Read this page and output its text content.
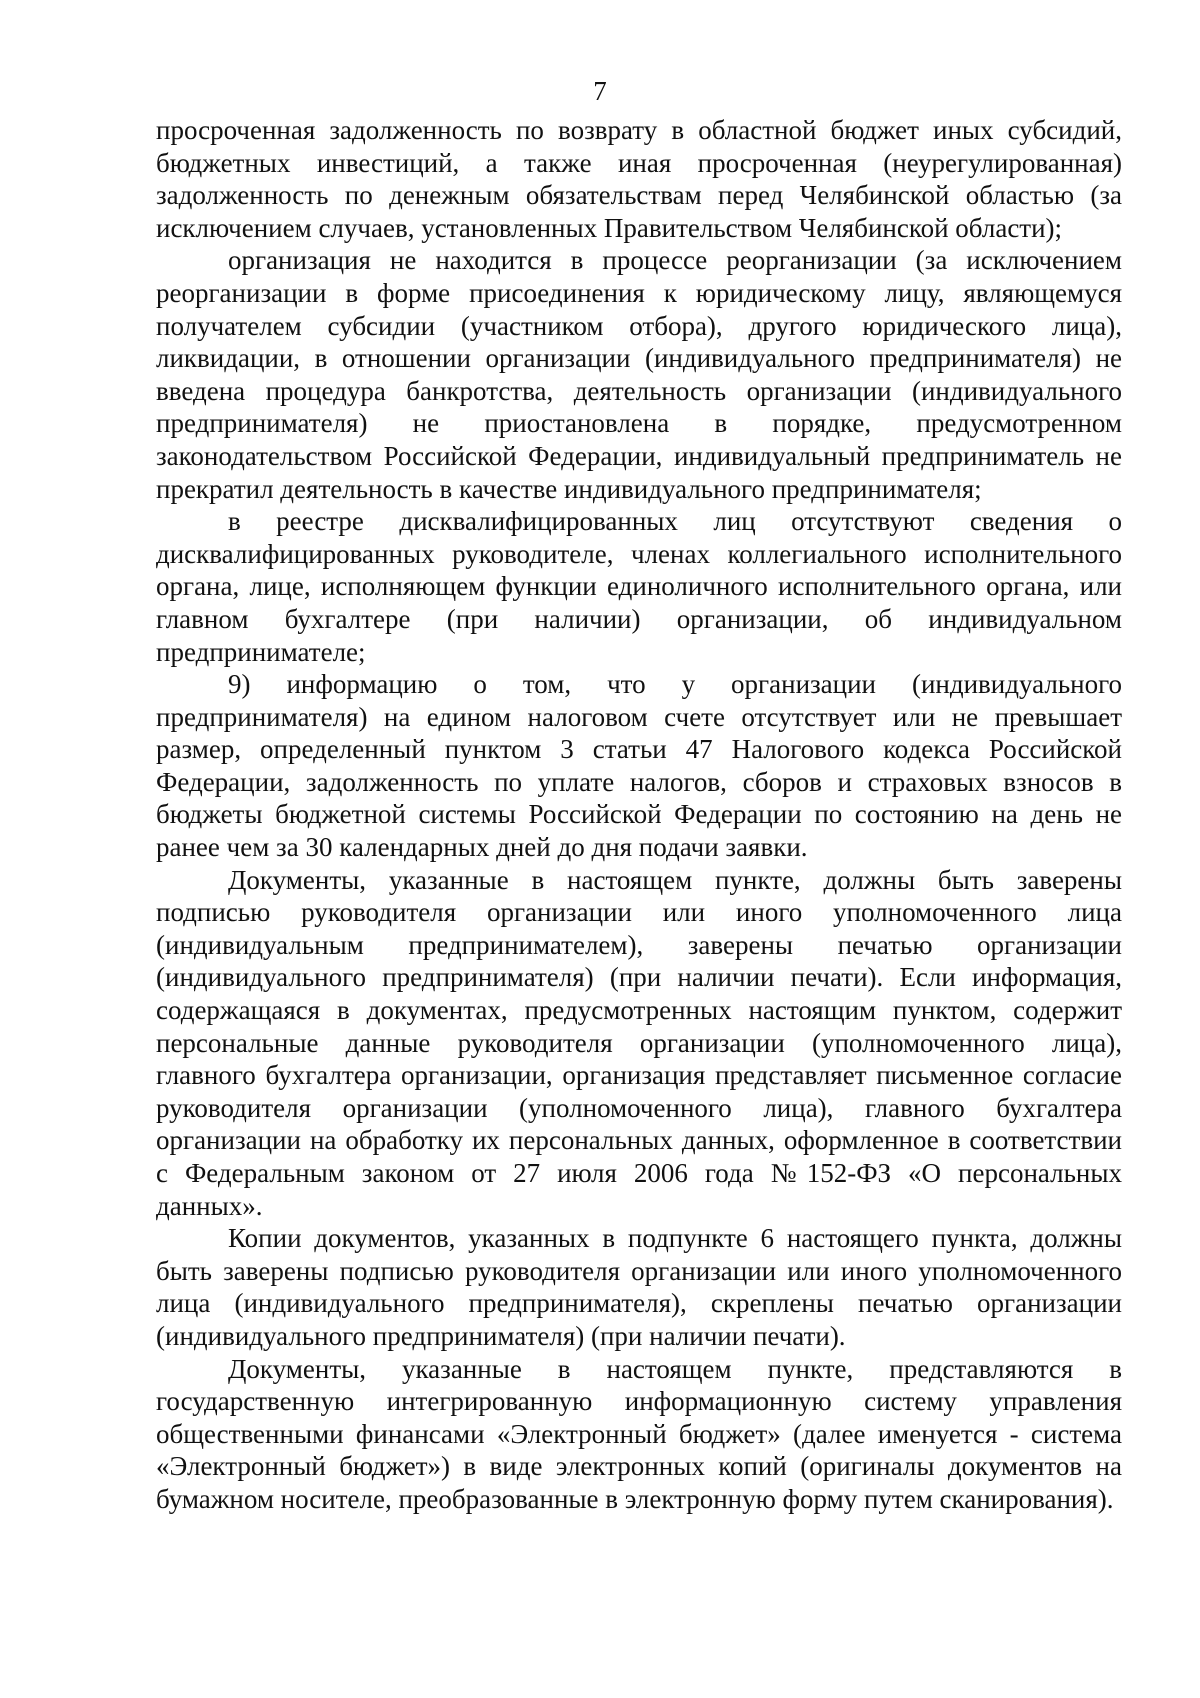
7

просроченная задолженность по возврату в областной бюджет иных субсидий, бюджетных инвестиций, а также иная просроченная (неурегулированная) задолженность по денежным обязательствам перед Челябинской областью (за исключением случаев, установленных Правительством Челябинской области);

организация не находится в процессе реорганизации (за исключением реорганизации в форме присоединения к юридическому лицу, являющемуся получателем субсидии (участником отбора), другого юридического лица), ликвидации, в отношении организации (индивидуального предпринимателя) не введена процедура банкротства, деятельность организации (индивидуального предпринимателя) не приостановлена в порядке, предусмотренном законодательством Российской Федерации, индивидуальный предприниматель не прекратил деятельность в качестве индивидуального предпринимателя;

в реестре дисквалифицированных лиц отсутствуют сведения о дисквалифицированных руководителе, членах коллегиального исполнительного органа, лице, исполняющем функции единоличного исполнительного органа, или главном бухгалтере (при наличии) организации, об индивидуальном предпринимателе;

9) информацию о том, что у организации (индивидуального предпринимателя) на едином налоговом счете отсутствует или не превышает размер, определенный пунктом 3 статьи 47 Налогового кодекса Российской Федерации, задолженность по уплате налогов, сборов и страховых взносов в бюджеты бюджетной системы Российской Федерации по состоянию на день не ранее чем за 30 календарных дней до дня подачи заявки.

Документы, указанные в настоящем пункте, должны быть заверены подписью руководителя организации или иного уполномоченного лица (индивидуальным предпринимателем), заверены печатью организации (индивидуального предпринимателя) (при наличии печати). Если информация, содержащаяся в документах, предусмотренных настоящим пунктом, содержит персональные данные руководителя организации (уполномоченного лица), главного бухгалтера организации, организация представляет письменное согласие руководителя организации (уполномоченного лица), главного бухгалтера организации на обработку их персональных данных, оформленное в соответствии с Федеральным законом от 27 июля 2006 года №152-ФЗ «О персональных данных».

Копии документов, указанных в подпункте 6 настоящего пункта, должны быть заверены подписью руководителя организации или иного уполномоченного лица (индивидуального предпринимателя), скреплены печатью организации (индивидуального предпринимателя) (при наличии печати).

Документы, указанные в настоящем пункте, представляются в государственную интегрированную информационную систему управления общественными финансами «Электронный бюджет» (далее именуется - система «Электронный бюджет») в виде электронных копий (оригиналы документов на бумажном носителе, преобразованные в электронную форму путем сканирования).
